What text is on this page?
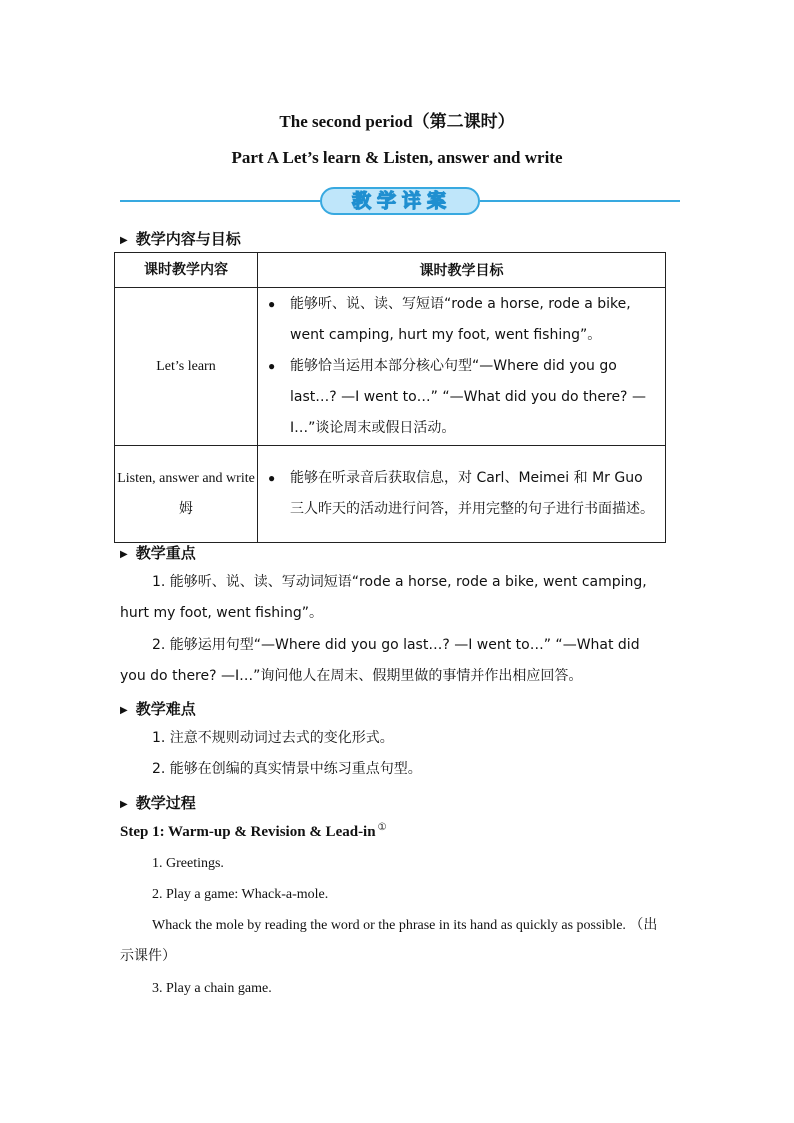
The second period（第二课时）
Part A Let’s learn & Listen, answer and write
教学详案
▶ 教学内容与目标
课时教学内容	课时教学目标
Let’s learn	● 能够听、说、读、写短语“rode a horse, rode a bike, went camping, hurt my foot, went fishing”。
● 能够恰当运用本部分核心句型“—Where did you go last…? —I went to…” “—What did you do there? —I…”谈论周末或假日活动。

Listen, answer and write姆	● 能够在听录音后获取信息，对 Carl、Meimei 和 Mr Guo 三人昨天的活动进行问答，并用完整的句子进行书面描述。
▶ 教学重点
1. 能够听、说、读、写动词短语“rode a horse, rode a bike, went camping, hurt my foot, went fishing”。
2. 能够运用句型“—Where did you go last…? —I went to…” “—What did you do there? —I…”询问他人在周末、假期里做的事情并作出相应回答。
▶ 教学难点
1. 注意不规则动词过去式的变化形式。
2. 能够在创编的真实情景中练习重点句型。
▶ 教学过程
Step 1: Warm-up & Revision & Lead-in ①
1. Greetings.
2. Play a game: Whack-a-mole.
Whack the mole by reading the word or the phrase in its hand as quickly as possible. （出示课件）
3. Play a chain game.
